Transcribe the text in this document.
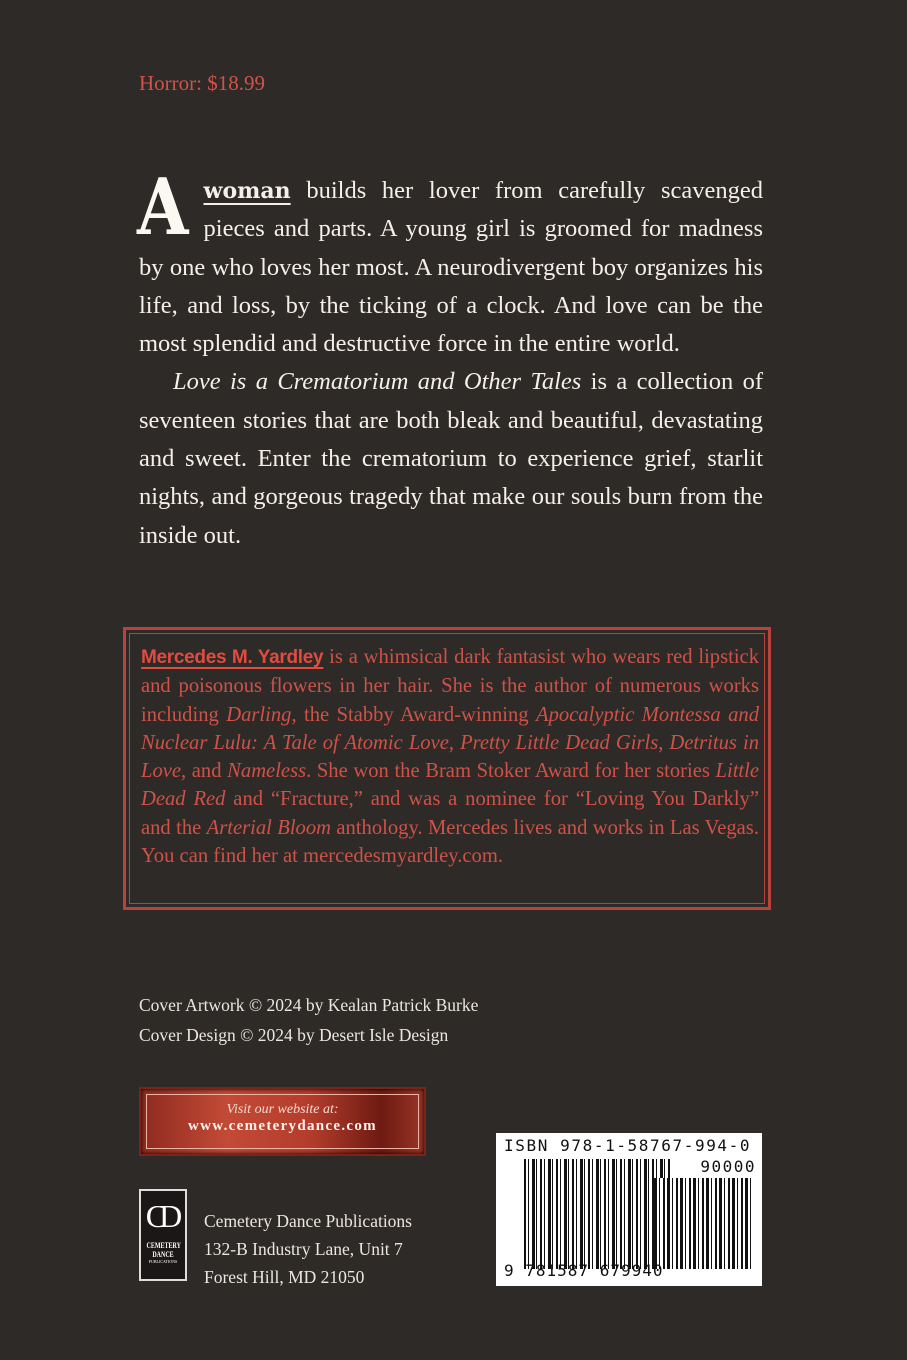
Horror: $18.99

Awoman builds her lover from carefully scavenged pieces and parts. A young girl is groomed for madness by one who loves her most. A neurodivergent boy organizes his life, and loss, by the ticking of a clock. And love can be the most splendid and destructive force in the entire world.

Love is a Crematorium and Other Tales is a collection of seventeen stories that are both bleak and beautiful, devastating and sweet. Enter the crematorium to experience grief, starlit nights, and gorgeous tragedy that make our souls burn from the inside out.

Mercedes M. Yardley is a whimsical dark fantasist who wears red lipstick and poisonous flowers in her hair. She is the author of numerous works including Darling, the Stabby Award-winning Apocalyptic Montessa and Nuclear Lulu: A Tale of Atomic Love, Pretty Little Dead Girls, Detritus in Love, and Nameless. She won the Bram Stoker Award for her stories Little Dead Red and “Fracture,” and was a nominee for “Loving You Darkly” and the Arterial Bloom anthology. Mercedes lives and works in Las Vegas. You can find her at mercedesmyardley.com.
Cover Artwork © 2024 by Kealan Patrick Burke
Cover Design © 2024 by Desert Isle Design
Visit our website at:
www.cemeterydance.com
CD
CEMETERY
DANCE
PUBLICATIONS
Cemetery Dance Publications
132-B Industry Lane, Unit 7
Forest Hill, MD 21050
ISBN 978-1-58767-994-0
90000
9 781587 679940
